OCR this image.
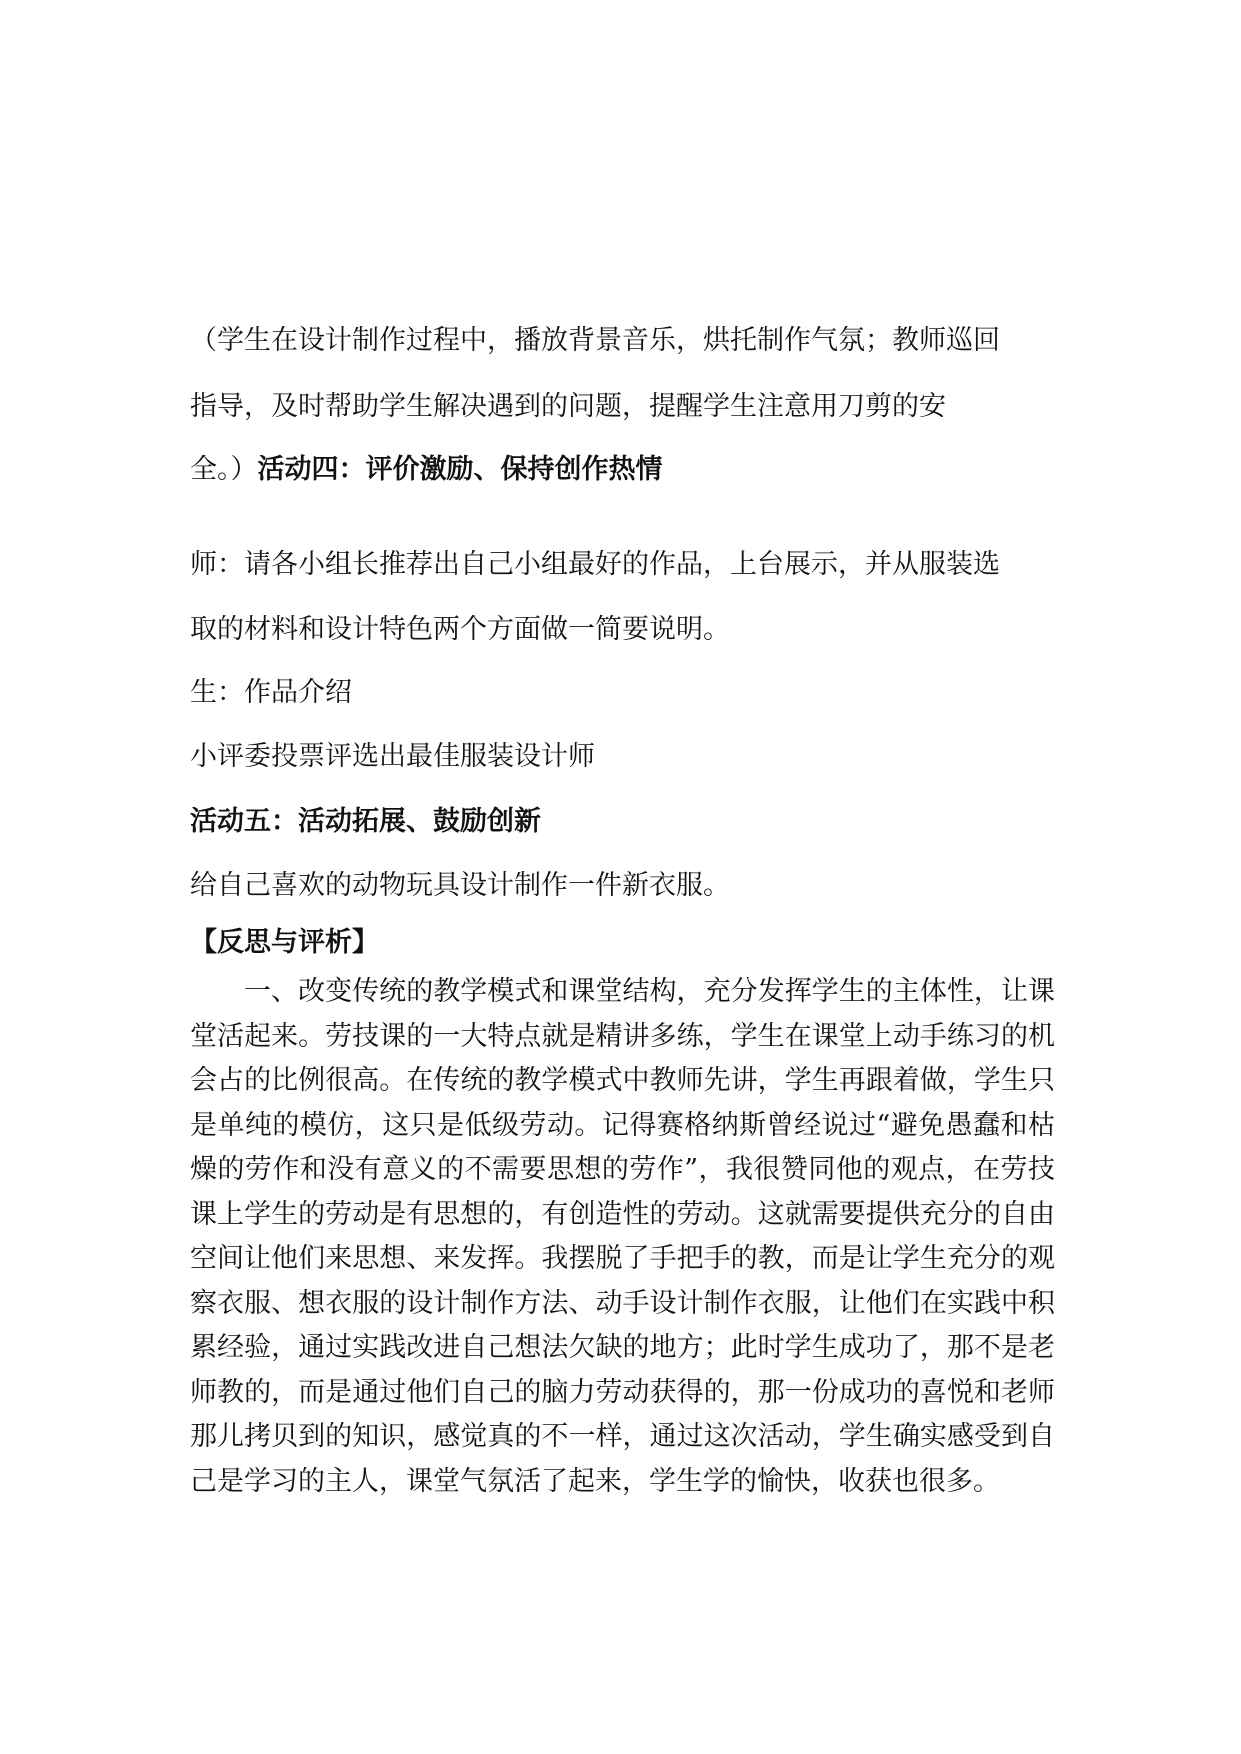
（学生在设计制作过程中，播放背景音乐，烘托制作气氛；教师巡回
指导，及时帮助学生解决遇到的问题，提醒学生注意用刀剪的安
全。）活动四：评价激励、保持创作热情
师：请各小组长推荐出自己小组最好的作品，上台展示，并从服装选
取的材料和设计特色两个方面做一简要说明。
生：作品介绍
小评委投票评选出最佳服装设计师
活动五：活动拓展、鼓励创新
给自己喜欢的动物玩具设计制作一件新衣服。
【反思与评析】
一、改变传统的教学模式和课堂结构，充分发挥学生的主体性，让课堂活起来。劳技课的一大特点就是精讲多练，学生在课堂上动手练习的机会占的比例很高。在传统的教学模式中教师先讲，学生再跟着做，学生只是单纯的模仿，这只是低级劳动。记得赛格纳斯曾经说过“避免愚蠢和枯燥的劳作和没有意义的不需要思想的劳作”，我很赞同他的观点，在劳技课上学生的劳动是有思想的，有创造性的劳动。这就需要提供充分的自由空间让他们来思想、来发挥。我摆脱了手把手的教，而是让学生充分的观察衣服、想衣服的设计制作方法、动手设计制作衣服，让他们在实践中积累经验，通过实践改进自己想法欠缺的地方；此时学生成功了，那不是老师教的，而是通过他们自己的脑力劳动获得的，那一份成功的喜悦和老师那儿拷贝到的知识，感觉真的不一样，通过这次活动，学生确实感受到自己是学习的主人，课堂气氛活了起来，学生学的愉快，收获也很多。
